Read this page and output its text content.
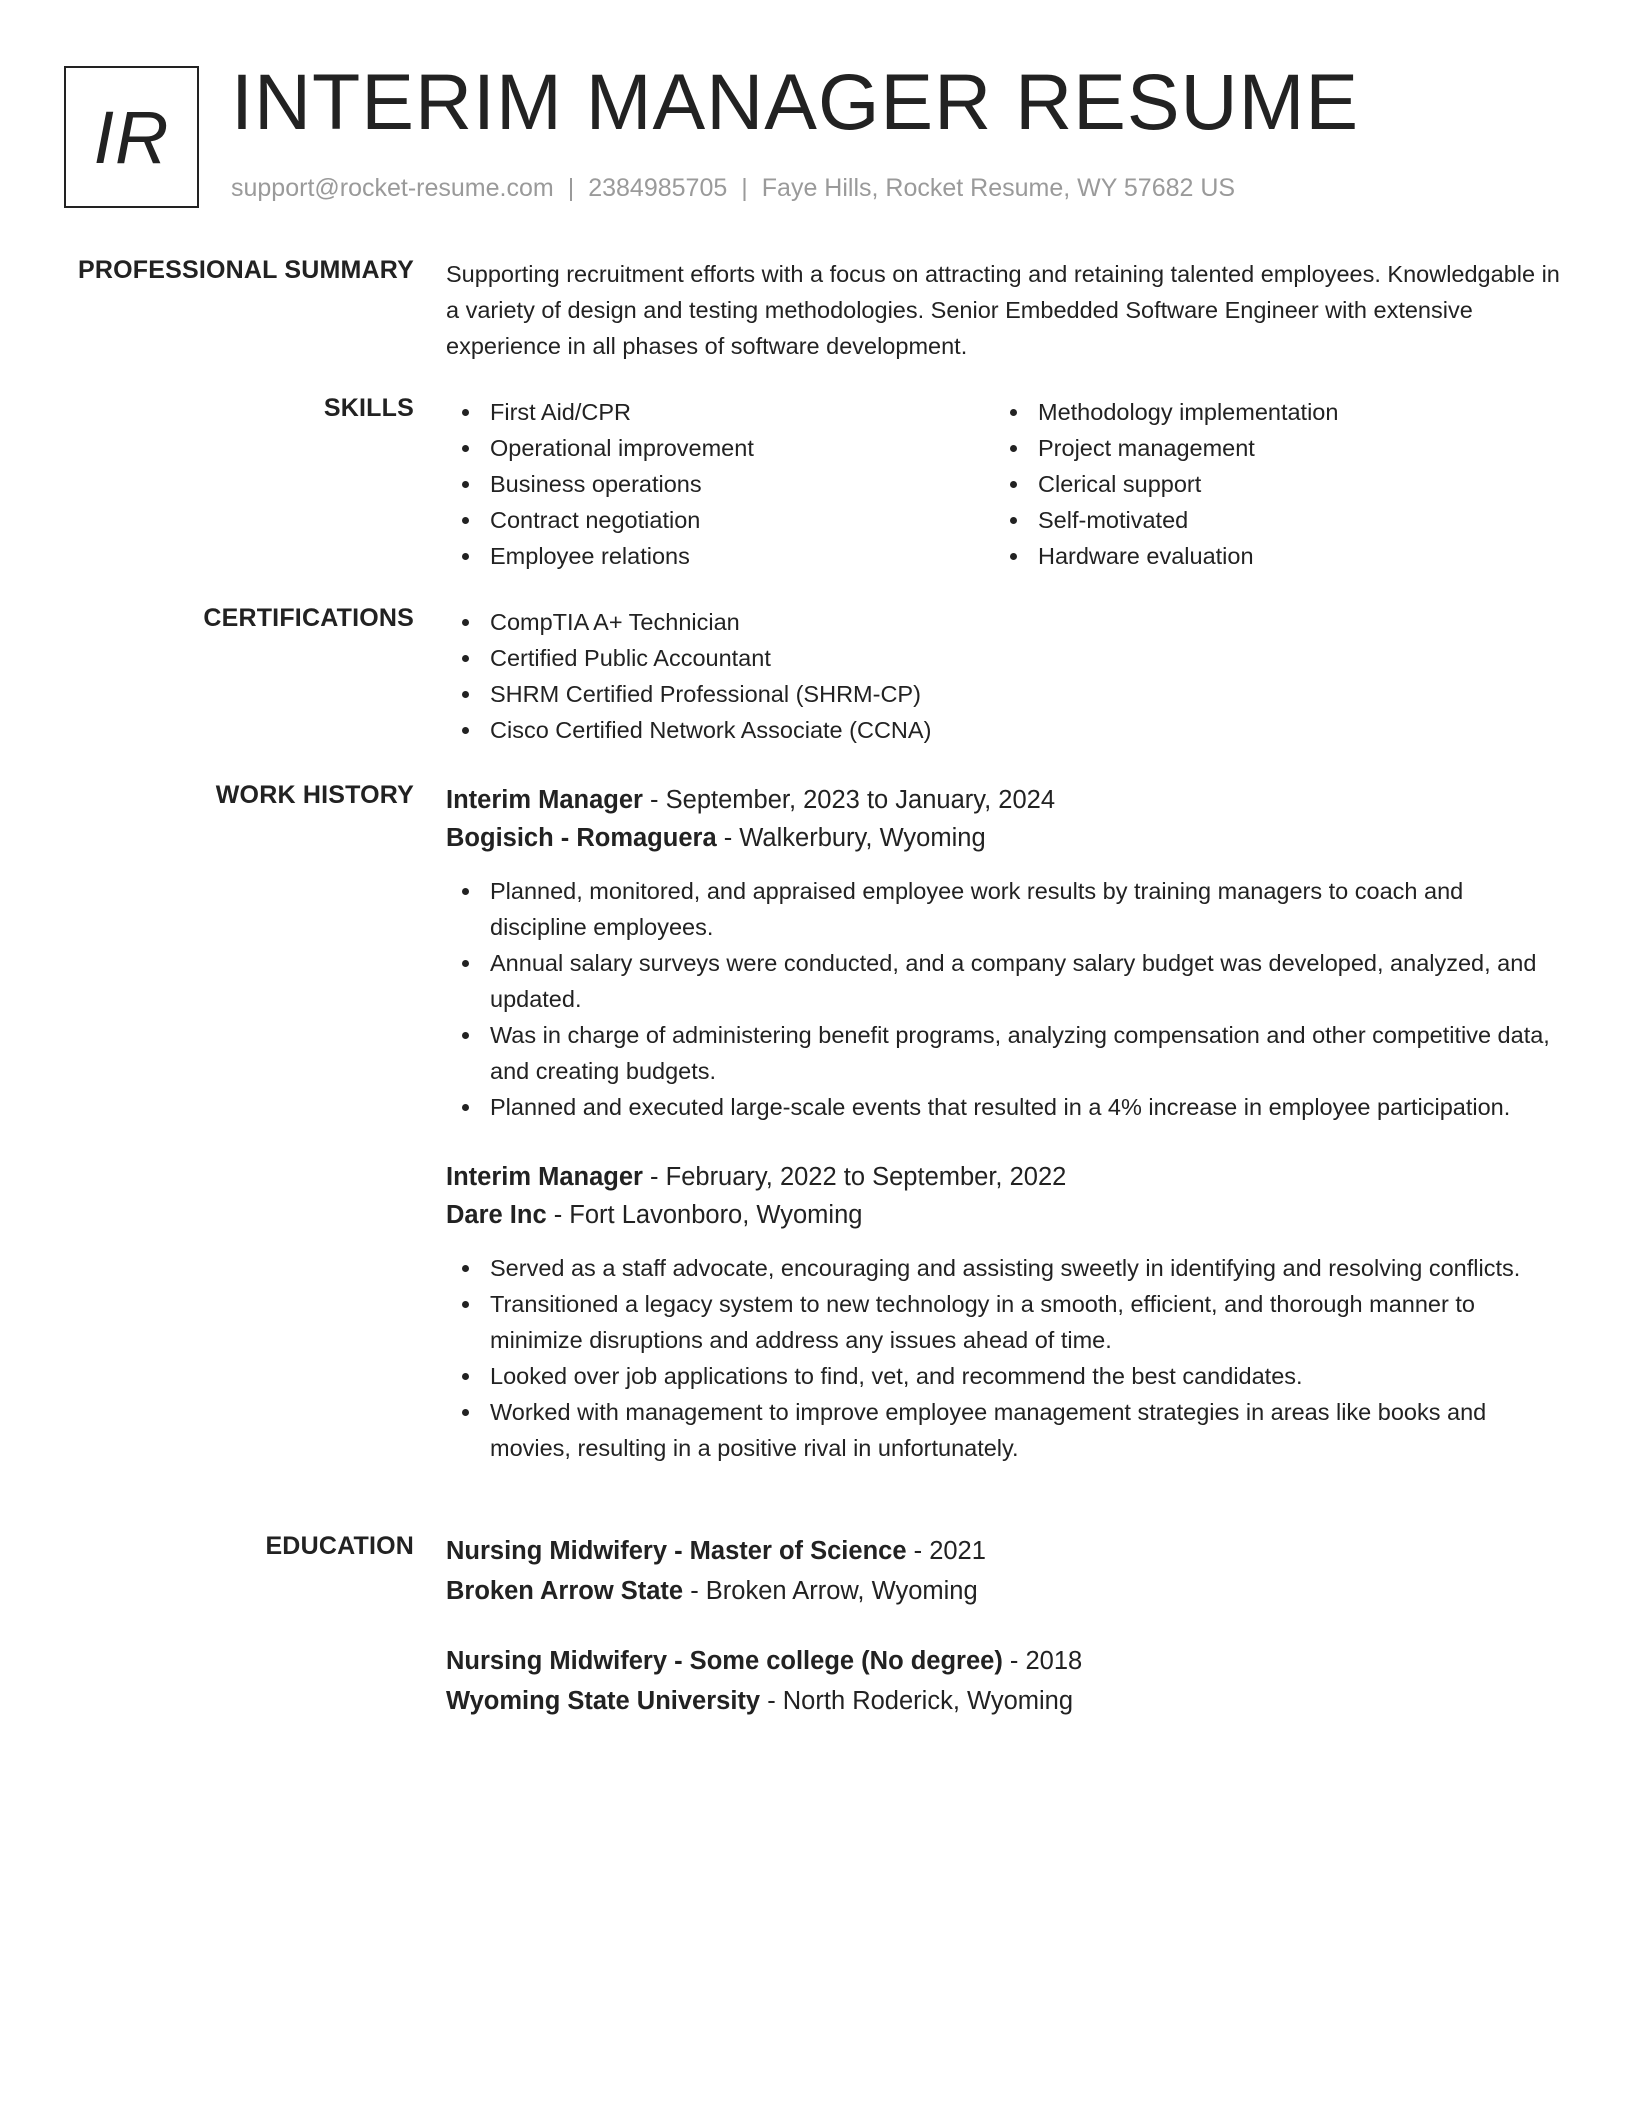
IR INTERIM MANAGER RESUME
support@rocket-resume.com | 2384985705 | Faye Hills, Rocket Resume, WY 57682 US
PROFESSIONAL SUMMARY Supporting recruitment efforts with a focus on attracting and retaining talented employees. Knowledgable in a variety of design and testing methodologies. Senior Embedded Software Engineer with extensive experience in all phases of software development.

SKILLS	First Aid/CPR
Operational improvement
Business operations
Contract negotiation
Employee relations
Methodology implementation
Project management
Clerical support
Self-motivated
Hardware evaluation
CERTIFICATIONS	CompTIA A+ Technician
Certified Public Accountant
SHRM Certified Professional (SHRM-CP)
Cisco Certified Network Associate (CCNA)
WORK HISTORY Interim Manager - September, 2023 to January, 2024
Bogisich - Romaguera - Walkerbury, Wyoming
Planned, monitored, and appraised employee work results by training managers to coach and discipline employees.
Annual salary surveys were conducted, and a company salary budget was developed, analyzed, and updated.
Was in charge of administering benefit programs, analyzing compensation and other competitive data, and creating budgets.
Planned and executed large-scale events that resulted in a 4% increase in employee participation.
Interim Manager - February, 2022 to September, 2022
Dare Inc - Fort Lavonboro, Wyoming
Served as a staff advocate, encouraging and assisting sweetly in identifying and resolving conflicts.
Transitioned a legacy system to new technology in a smooth, efficient, and thorough manner to minimize disruptions and address any issues ahead of time.
Looked over job applications to find, vet, and recommend the best candidates.
Worked with management to improve employee management strategies in areas like books and movies, resulting in a positive rival in unfortunately.
EDUCATION Nursing Midwifery - Master of Science - 2021
Broken Arrow State - Broken Arrow, Wyoming
Nursing Midwifery - Some college (No degree) - 2018
Wyoming State University - North Roderick, Wyoming
